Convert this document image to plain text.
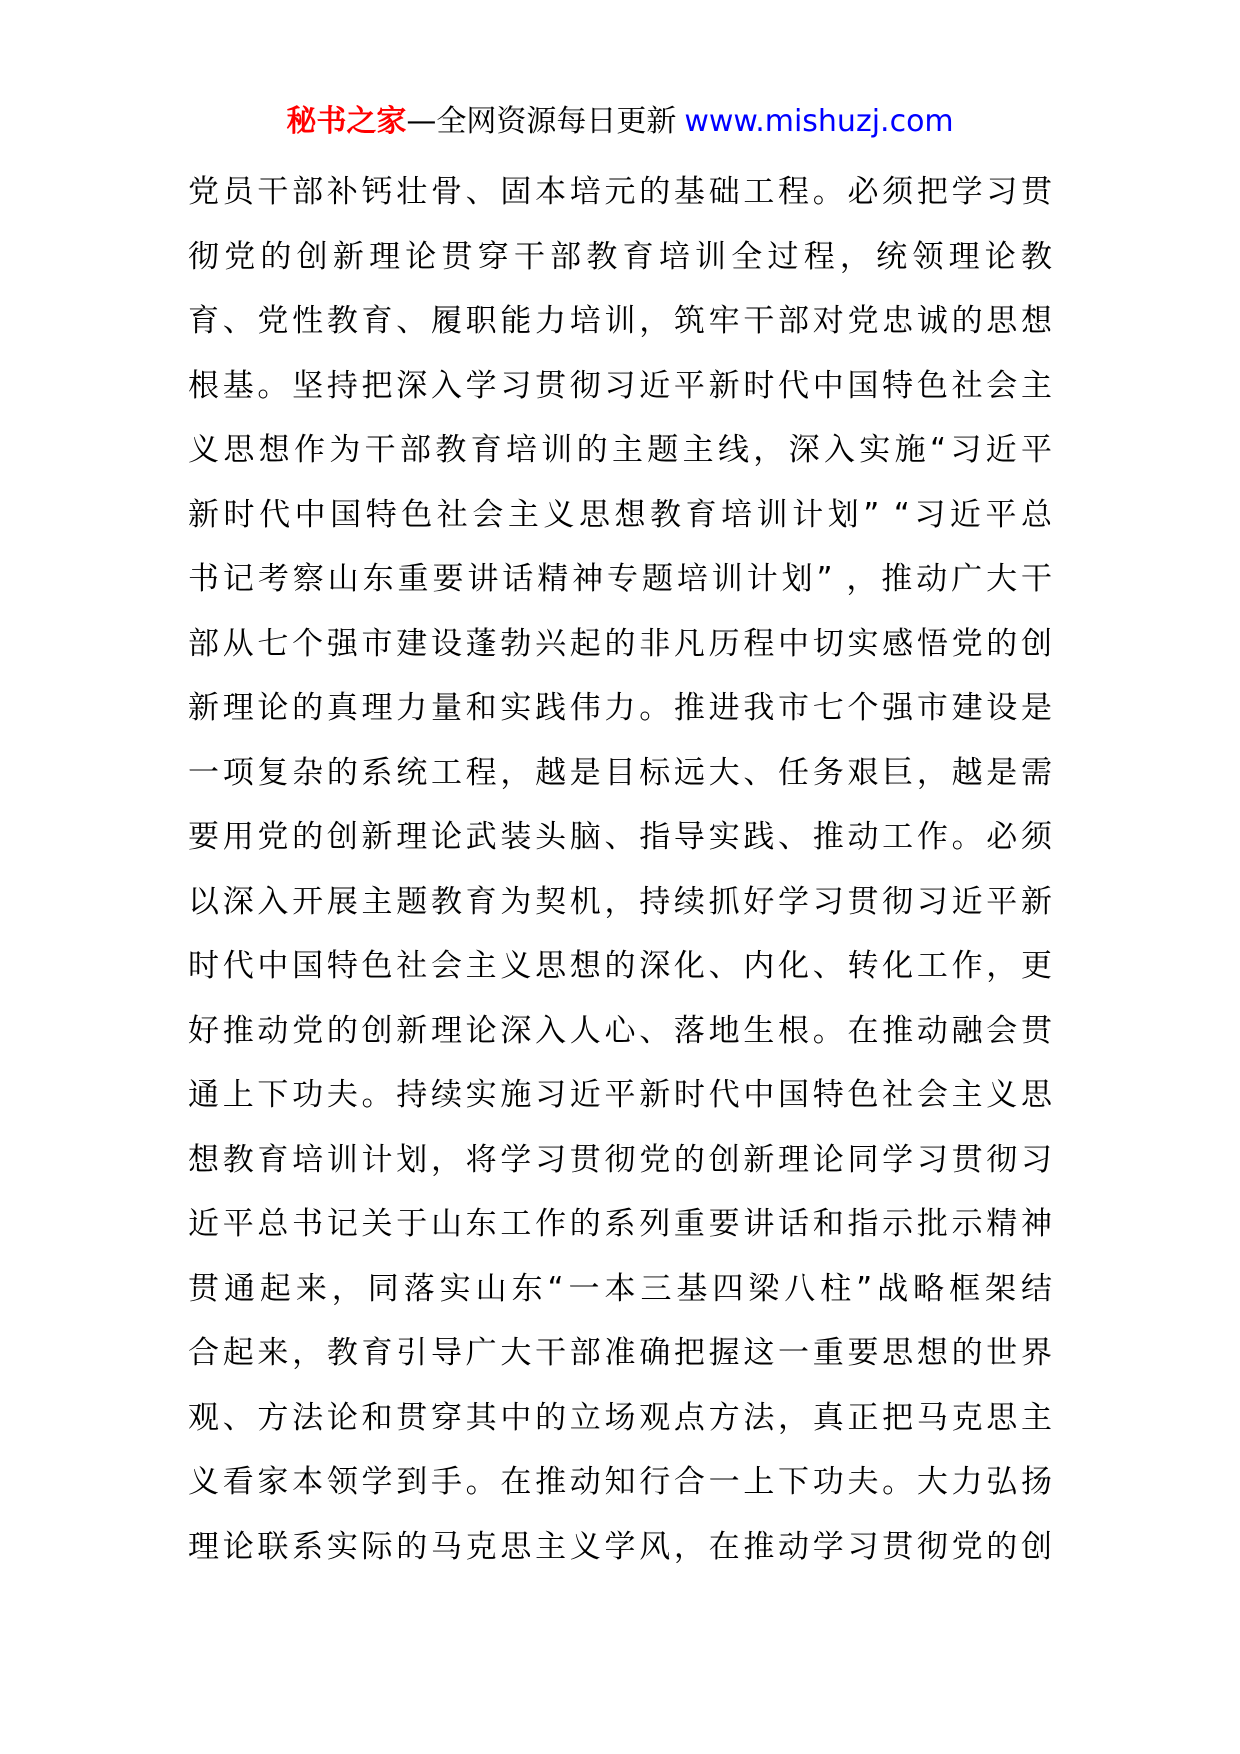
秘书之家—全网资源每日更新 www.mishuzj.com
党员干部补钙壮骨、固本培元的基础工程。必须把学习贯
彻党的创新理论贯穿干部教育培训全过程，统领理论教
育、党性教育、履职能力培训，筑牢干部对党忠诚的思想
根基。坚持把深入学习贯彻习近平新时代中国特色社会主
义思想作为干部教育培训的主题主线，深入实施“习近平
新时代中国特色社会主义思想教育培训计划” “习近平总
书记考察山东重要讲话精神专题培训计划” ，推动广大干
部从七个强市建设蓬勃兴起的非凡历程中切实感悟党的创
新理论的真理力量和实践伟力。推进我市七个强市建设是
一项复杂的系统工程，越是目标远大、任务艰巨，越是需
要用党的创新理论武装头脑、指导实践、推动工作。必须
以深入开展主题教育为契机，持续抓好学习贯彻习近平新
时代中国特色社会主义思想的深化、内化、转化工作，更
好推动党的创新理论深入人心、落地生根。在推动融会贯
通上下功夫。持续实施习近平新时代中国特色社会主义思
想教育培训计划，将学习贯彻党的创新理论同学习贯彻习
近平总书记关于山东工作的系列重要讲话和指示批示精神
贯通起来，同落实山东“一本三基四梁八柱”战略框架结
合起来，教育引导广大干部准确把握这一重要思想的世界
观、方法论和贯穿其中的立场观点方法，真正把马克思主
义看家本领学到手。在推动知行合一上下功夫。大力弘扬
理论联系实际的马克思主义学风，在推动学习贯彻党的创
